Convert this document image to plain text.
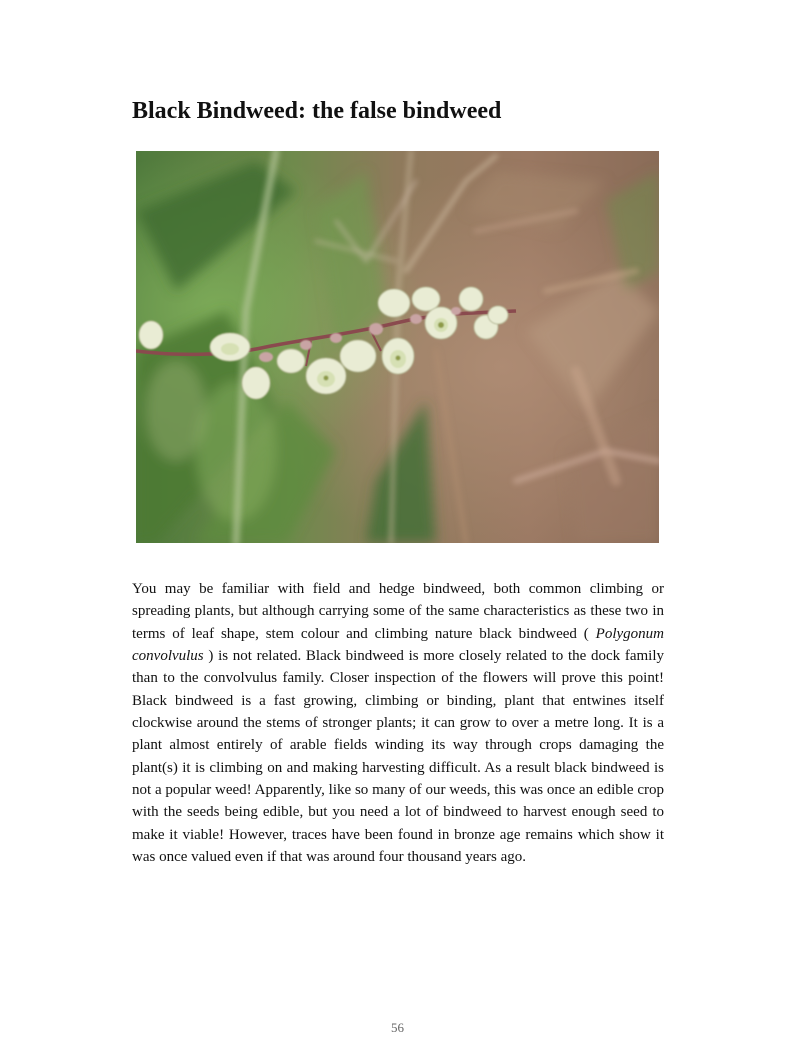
Black Bindweed: the false bindweed

You may be familiar with field and hedge bindweed, both common climbing or spreading plants, but although carrying some of the same characteristics as these two in terms of leaf shape, stem colour and climbing nature black bindweed ( Polygonum convolvulus ) is not related. Black bindweed is more closely related to the dock family than to the convolvulus family. Closer inspection of the flowers will prove this point! Black bindweed is a fast growing, climbing or binding, plant that entwines itself clockwise around the stems of stronger plants; it can grow to over a metre long. It is a plant almost entirely of arable fields winding its way through crops damaging the plant(s) it is climbing on and making harvesting difficult. As a result black bindweed is not a popular weed! Apparently, like so many of our weeds, this was once an edible crop with the seeds being edible, but you need a lot of bindweed to harvest enough seed to make it viable! However, traces have been found in bronze age remains which show it was once valued even if that was around four thousand years ago.

56
